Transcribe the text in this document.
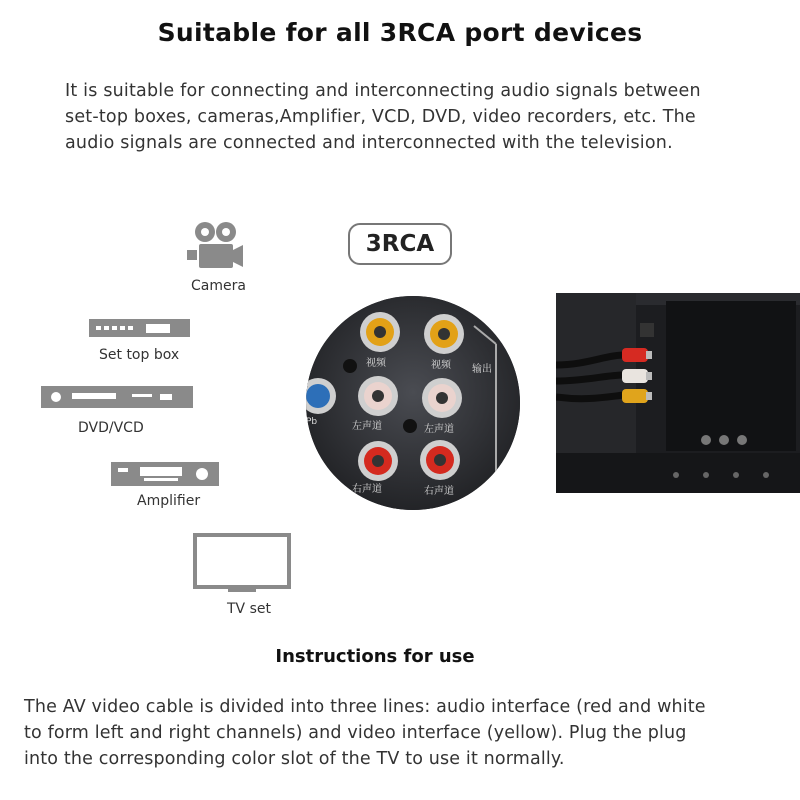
Suitable for all 3RCA port devices
It is suitable for connecting and interconnecting audio signals between
set-top boxes, cameras,Amplifier, VCD, DVD, video recorders, etc. The
audio signals are connected and interconnected with the television.
Camera
Set top box
DVD/VCD
Amplifier
TV set
3RCA
视频	视频
左声道	左声道
右声道	右声道
输出
Pb
Instructions for use
The AV video cable is divided into three lines: audio interface (red and white
to form left and right channels) and video interface (yellow). Plug the plug
into the corresponding color slot of the TV to use it normally.
